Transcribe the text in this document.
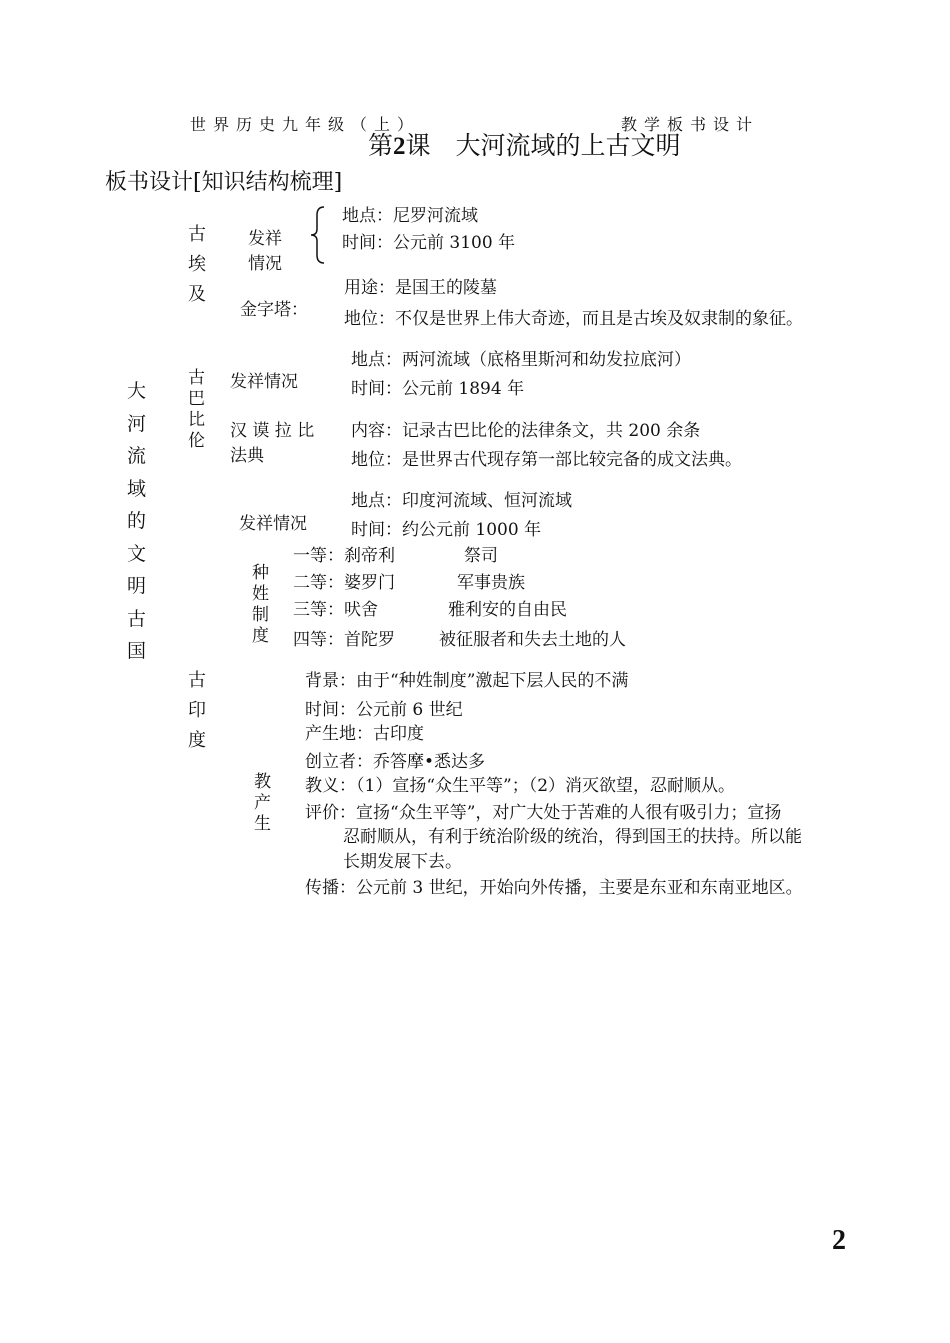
世界历史九年级（上）	教学板书设计
第2课　大河流域的上古文明
板书设计[知识结构梳理]
大河流域的文明古国
古埃及
发祥
情况
地点：尼罗河流域
时间：公元前 3100 年
金字塔：
用途：是国王的陵墓
地位：不仅是世界上伟大奇迹，而且是古埃及奴隶制的象征。
古巴比伦
发祥情况
地点：两河流域（底格里斯河和幼发拉底河）
时间：公元前 1894 年
汉 谟 拉 比
法典
内容：记录古巴比伦的法律条文，共 200 余条
地位：是世界古代现存第一部比较完备的成文法典。
发祥情况
地点：印度河流域、恒河流域
时间：约公元前 1000 年
种姓制度
一等：刹帝利	祭司
二等：婆罗门	军事贵族
三等：吠舍	雅利安的自由民
四等：首陀罗	被征服者和失去土地的人
古印度
教产生
背景：由于“种姓制度”激起下层人民的不满
时间：公元前 6 世纪
产生地：古印度
创立者：乔答摩•悉达多
教义：（1）宣扬“众生平等”；（2）消灭欲望，忍耐顺从。
评价：宣扬“众生平等”，对广大处于苦难的人很有吸引力；宣扬
忍耐顺从，有利于统治阶级的统治，得到国王的扶持。所以能
长期发展下去。
传播：公元前 3 世纪，开始向外传播，主要是东亚和东南亚地区。
2
